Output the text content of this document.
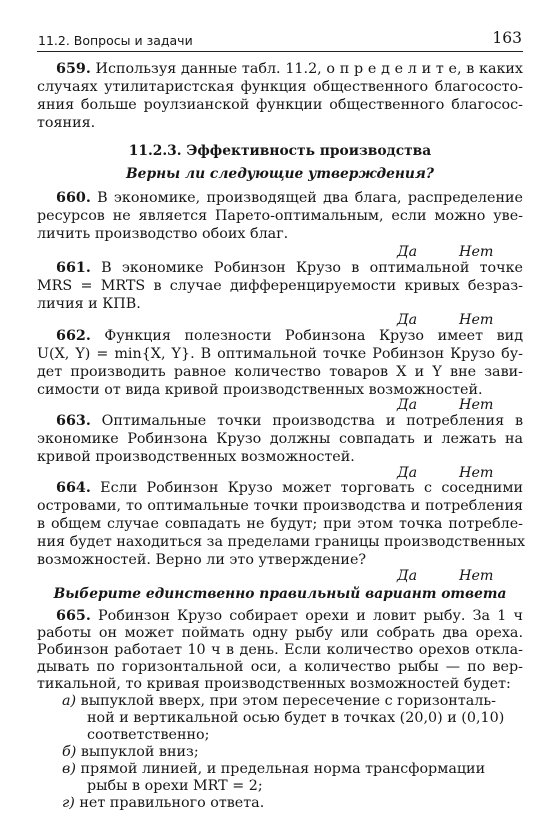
11.2. Вопросы и задачи	163
659. Используя данные табл. 11.2, о п р е д е л и т е, в каких
случаях утилитаристская функция общественного благососто-
яния больше роулзианской функции общественного благосос-
тояния.
11.2.3. Эффективность производства
Верны ли следующие утверждения?
660. В экономике, производящей два блага, распределение
ресурсов не является Парето-оптимальным, если можно уве-
личить производство обоих благ.
Да	Нет
661. В экономике Робинзон Крузо в оптимальной точке
MRS = MRTS в случае дифференцируемости кривых безраз-
личия и КПВ.
Да	Нет
662. Функция полезности Робинзона Крузо имеет вид
U(X, Y) = min{X, Y}. В оптимальной точке Робинзон Крузо бу-
дет производить равное количество товаров X и Y вне зави-
симости от вида кривой производственных возможностей.
Да	Нет
663. Оптимальные точки производства и потребления в
экономике Робинзона Крузо должны совпадать и лежать на
кривой производственных возможностей.
Да	Нет
664. Если Робинзон Крузо может торговать с соседними
островами, то оптимальные точки производства и потребления
в общем случае совпадать не будут; при этом точка потребле-
ния будет находиться за пределами границы производственных
возможностей. Верно ли это утверждение?
Да	Нет
Выберите единственно правильный вариант ответа
665. Робинзон Крузо собирает орехи и ловит рыбу. За 1 ч
работы он может поймать одну рыбу или собрать два ореха.
Робинзон работает 10 ч в день. Если количество орехов откла-
дывать по горизонтальной оси, а количество рыбы — по вер-
тикальной, то кривая производственных возможностей будет:
а) выпуклой вверх, при этом пересечение с горизонталь-
ной и вертикальной осью будет в точках (20,0) и (0,10)
соответственно;
б) выпуклой вниз;
в) прямой линией, и предельная норма трансформации
рыбы в орехи MRT = 2;
г) нет правильного ответа.
